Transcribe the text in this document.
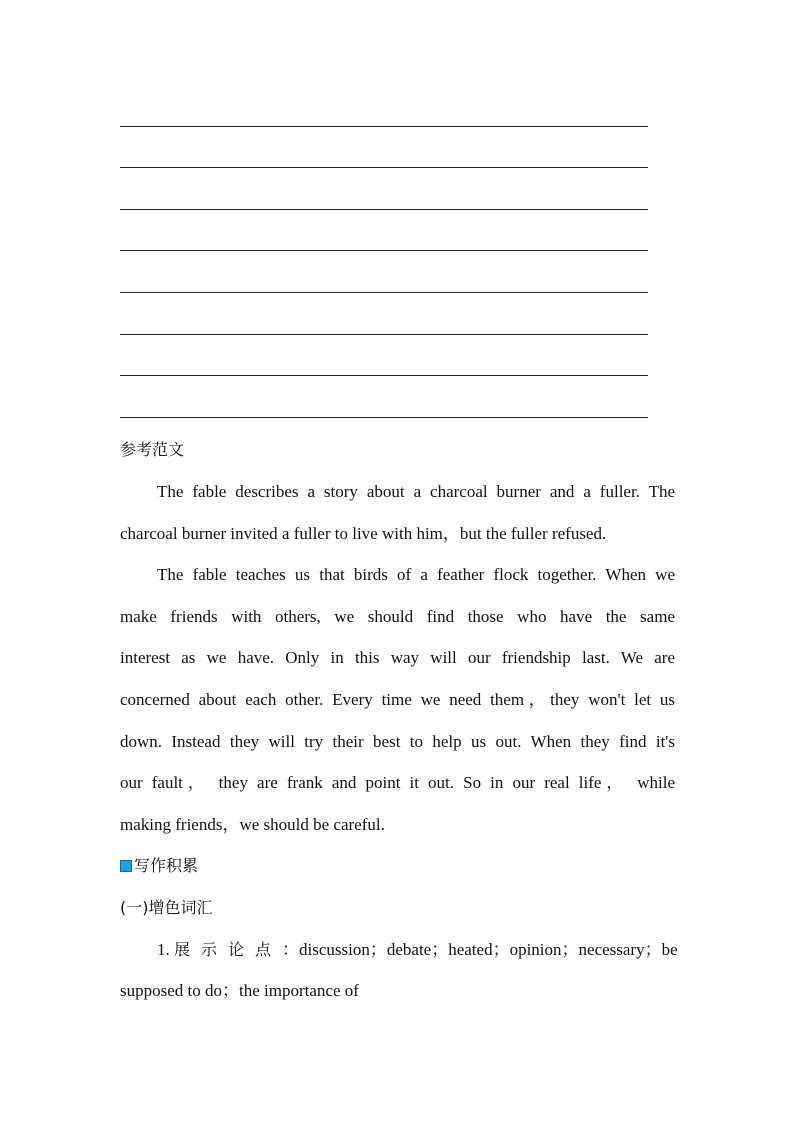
参考范文
The fable describes a story about a charcoal burner and a fuller. The
charcoal burner invited a fuller to live with him，but the fuller refused.
The fable teaches us that birds of a feather flock together. When we
make friends with others, we should find those who have the same
interest as we have. Only in this way will our friendship last. We are
concerned about each other. Every time we need them，they won't let us
down. Instead they will try their best to help us out. When they find it's
our fault， they are frank and point it out. So in our real life， while
making friends，we should be careful.
写作积累
(一)增色词汇
1. 展示论点：discussion；debate；heated；opinion；necessary；be
supposed to do；the importance of
